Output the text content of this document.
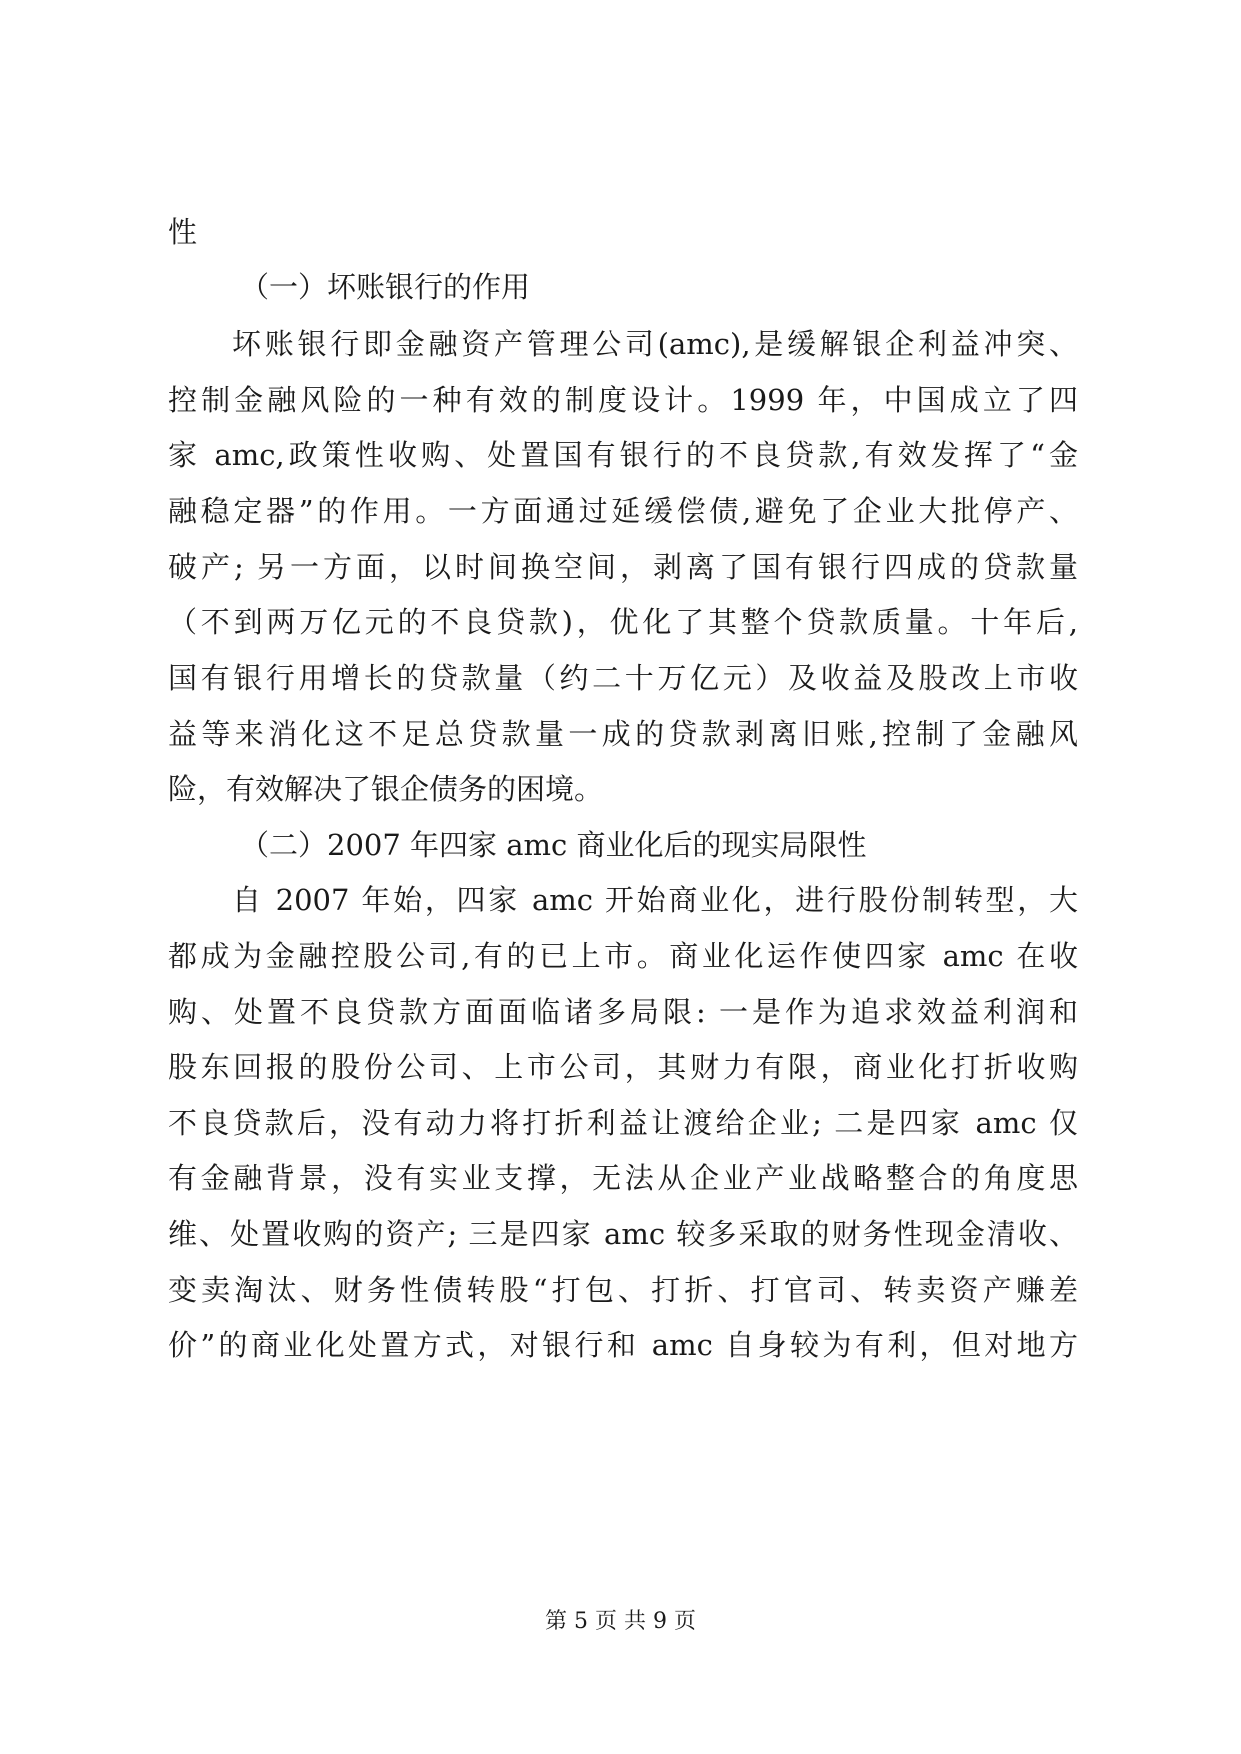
性
（一）坏账银行的作用
坏账银行即金融资产管理公司(amc),是缓解银企利益冲突、
控制金融风险的一种有效的制度设计。1999 年，中国成立了四
家 amc,政策性收购、处置国有银行的不良贷款,有效发挥了“金
融稳定器”的作用。一方面通过延缓偿债,避免了企业大批停产、
破产; 另一方面，以时间换空间，剥离了国有银行四成的贷款量
（不到两万亿元的不良贷款)，优化了其整个贷款质量。十年后,
国有银行用增长的贷款量（约二十万亿元）及收益及股改上市收
益等来消化这不足总贷款量一成的贷款剥离旧账,控制了金融风
险，有效解决了银企债务的困境。
（二）2007 年四家 amc 商业化后的现实局限性
自 2007 年始，四家 amc 开始商业化，进行股份制转型，大
都成为金融控股公司,有的已上市。商业化运作使四家 amc 在收
购、处置不良贷款方面面临诸多局限: 一是作为追求效益利润和
股东回报的股份公司、上市公司，其财力有限，商业化打折收购
不良贷款后，没有动力将打折利益让渡给企业; 二是四家 amc 仅
有金融背景，没有实业支撑，无法从企业产业战略整合的角度思
维、处置收购的资产; 三是四家 amc 较多采取的财务性现金清收、
变卖淘汰、财务性债转股“打包、打折、打官司、转卖资产赚差
价”的商业化处置方式，对银行和 amc 自身较为有利，但对地方
第 5 页 共 9 页
